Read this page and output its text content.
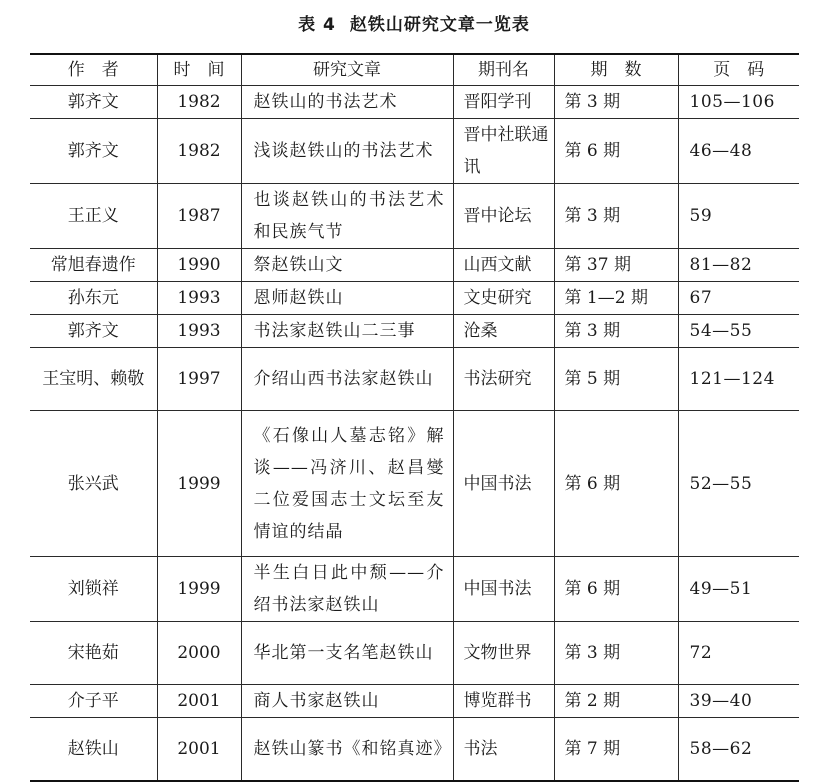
表 4 赵铁山研究文章一览表
作　者	时　间	研究文章	期刊名	期　数	页　码
郭齐文	1982	赵铁山的书法艺术	晋阳学刊	第 3 期	105—106
郭齐文	1982	浅谈赵铁山的书法艺术	晋中社联通讯	第 6 期	46—48
王正义	1987	也谈赵铁山的书法艺术和民族气节	晋中论坛	第 3 期	59
常旭春遗作	1990	祭赵铁山文	山西文献	第 37 期	81—82
孙东元	1993	恩师赵铁山	文史研究	第 1—2 期	67
郭齐文	1993	书法家赵铁山二三事	沧桑	第 3 期	54—55
王宝明、赖敬	1997	介绍山西书法家赵铁山	书法研究	第 5 期	121—124
张兴武	1999	《石像山人墓志铭》解谈——冯济川、赵昌燮二位爱国志士文坛至友情谊的结晶	中国书法	第 6 期	52—55
刘锁祥	1999	半生白日此中颓——介绍书法家赵铁山	中国书法	第 6 期	49—51
宋艳茹	2000	华北第一支名笔赵铁山	文物世界	第 3 期	72
介子平	2001	商人书家赵铁山	博览群书	第 2 期	39—40
赵铁山	2001	赵铁山篆书《和铭真迹》	书法	第 7 期	58—62
